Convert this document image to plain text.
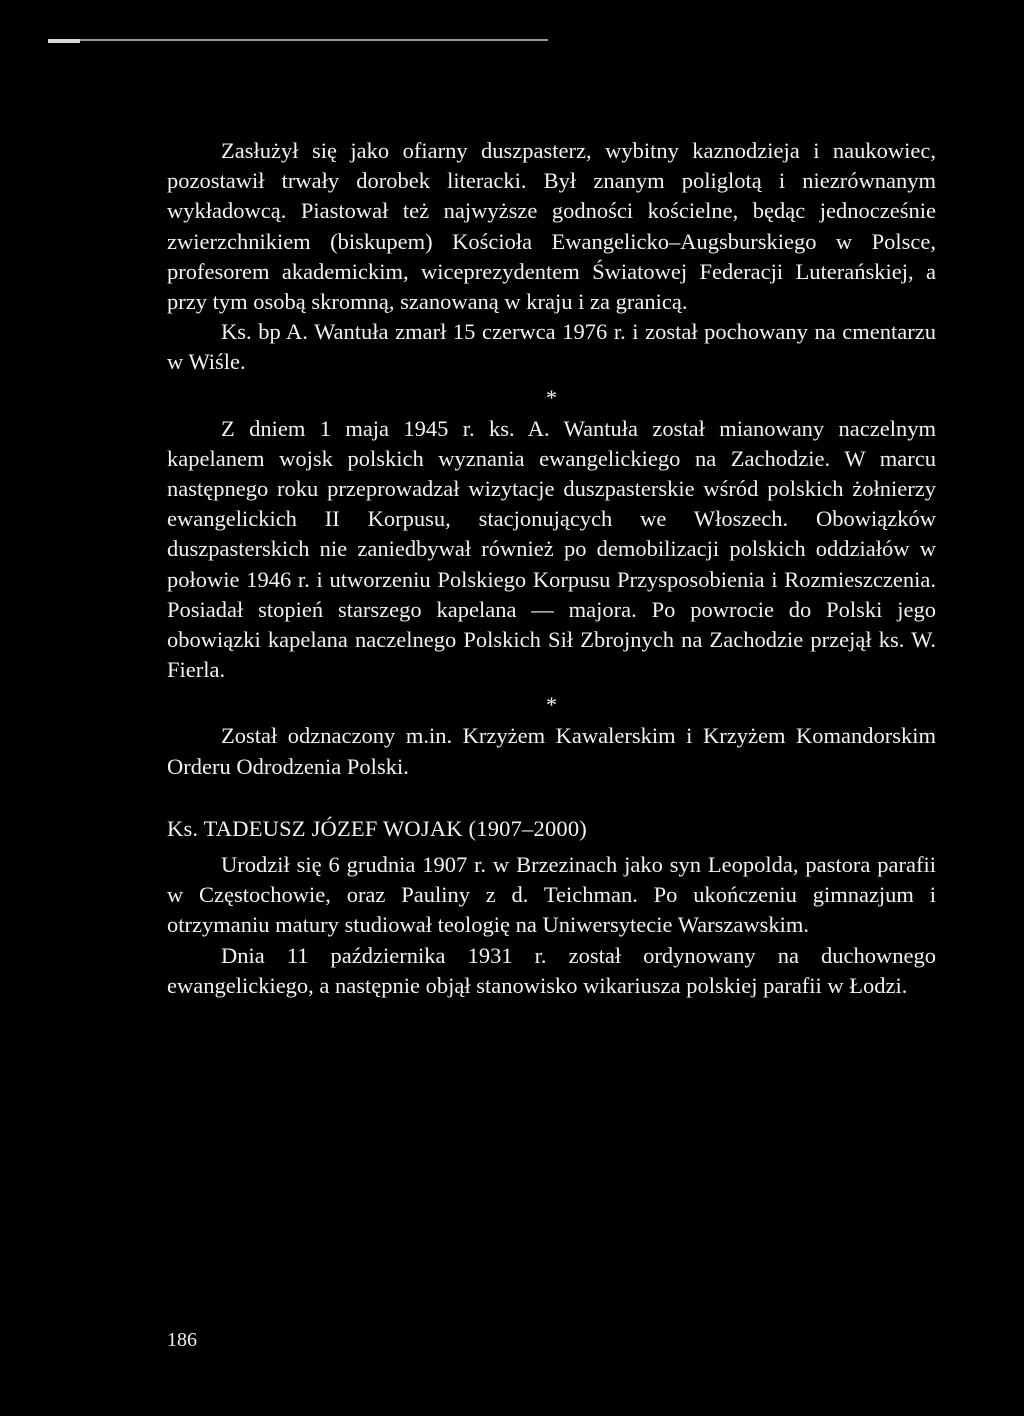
Zasłużył się jako ofiarny duszpasterz, wybitny kaznodzieja i naukowiec, pozostawił trwały dorobek literacki. Był znanym poliglotą i niezrównanym wykładowcą. Piastował też najwyższe godności kościelne, będąc jednocześnie zwierzchnikiem (biskupem) Kościoła Ewangelicko–Augsburskiego w Polsce, profesorem akademickim, wiceprezydentem Światowej Federacji Luterańskiej, a przy tym osobą skromną, szanowaną w kraju i za granicą.

Ks. bp A. Wantuła zmarł 15 czerwca 1976 r. i został pochowany na cmentarzu w Wiśle.

*

Z dniem 1 maja 1945 r. ks. A. Wantuła został mianowany naczelnym kapelanem wojsk polskich wyznania ewangelickiego na Zachodzie. W marcu następnego roku przeprowadzał wizytacje duszpasterskie wśród polskich żołnierzy ewangelickich II Korpusu, stacjonujących we Włoszech. Obowiązków duszpasterskich nie zaniedbywał również po demobilizacji polskich oddziałów w połowie 1946 r. i utworzeniu Polskiego Korpusu Przysposobienia i Rozmieszczenia. Posiadał stopień starszego kapelana — majora. Po powrocie do Polski jego obowiązki kapelana naczelnego Polskich Sił Zbrojnych na Zachodzie przejął ks. W. Fierla.

*

Został odznaczony m.in. Krzyżem Kawalerskim i Krzyżem Komandorskim Orderu Odrodzenia Polski.

Ks. TADEUSZ JÓZEF WOJAK (1907–2000)

Urodził się 6 grudnia 1907 r. w Brzezinach jako syn Leopolda, pastora parafii w Częstochowie, oraz Pauliny z d. Teichman. Po ukończeniu gimnazjum i otrzymaniu matury studiował teologię na Uniwersytecie Warszawskim.

Dnia 11 października 1931 r. został ordynowany na duchownego ewangelickiego, a następnie objął stanowisko wikariusza polskiej parafii w Łodzi.

186
